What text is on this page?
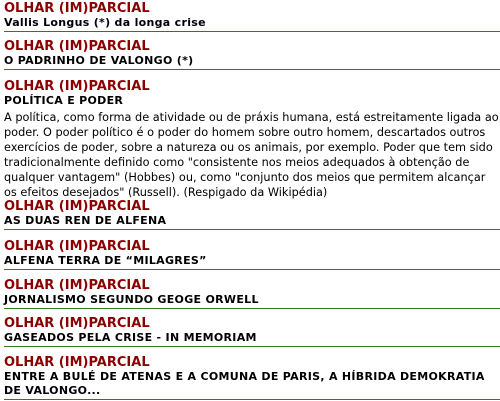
OLHAR (IM)PARCIAL
Vallis Longus (*) da longa crise
OLHAR (IM)PARCIAL
O PADRINHO DE VALONGO (*)
OLHAR (IM)PARCIAL
POLÍTICA E PODER
A política, como forma de atividade ou de práxis humana, está estreitamente ligada ao poder. O poder político é o poder do homem sobre outro homem, descartados outros exercícios de poder, sobre a natureza ou os animais, por exemplo. Poder que tem sido tradicionalmente definido como "consistente nos meios adequados à obtenção de qualquer vantagem" (Hobbes) ou, como "conjunto dos meios que permitem alcançar os efeitos desejados" (Russell). (Respigado da Wikipédia)
OLHAR (IM)PARCIAL
AS DUAS REN DE ALFENA
OLHAR (IM)PARCIAL
ALFENA TERRA DE “MILAGRES”
OLHAR (IM)PARCIAL
JORNALISMO SEGUNDO GEOGE ORWELL
OLHAR (IM)PARCIAL
GASEADOS PELA CRISE - IN MEMORIAM
OLHAR (IM)PARCIAL
ENTRE A BULÉ DE ATENAS E A COMUNA DE PARIS, A HÍBRIDA DEMOKRATIA DE VALONGO...
